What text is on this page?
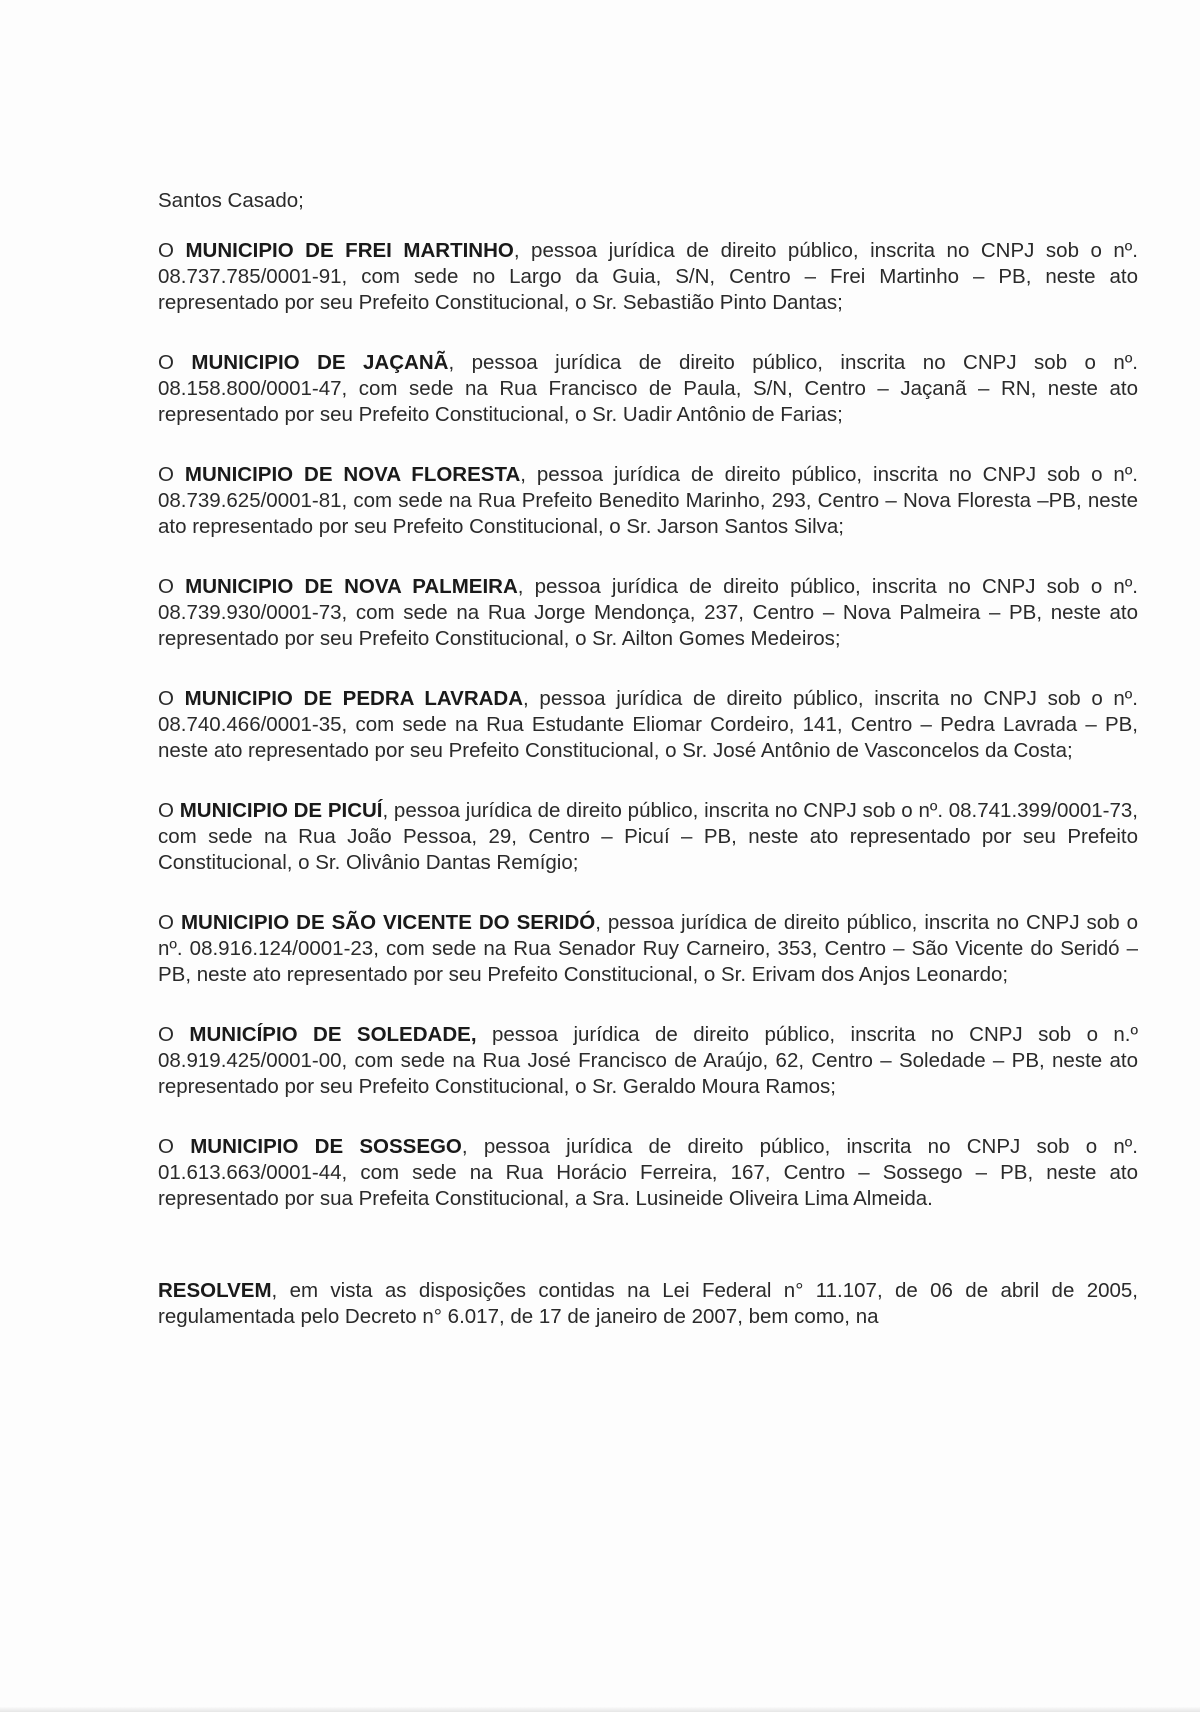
Santos Casado;

O MUNICIPIO DE FREI MARTINHO, pessoa jurídica de direito público, inscrita no CNPJ sob o nº. 08.737.785/0001-91, com sede no Largo da Guia, S/N, Centro – Frei Martinho – PB, neste ato representado por seu Prefeito Constitucional, o Sr. Sebastião Pinto Dantas;

O MUNICIPIO DE JAÇANÃ, pessoa jurídica de direito público, inscrita no CNPJ sob o nº. 08.158.800/0001-47, com sede na Rua Francisco de Paula, S/N, Centro – Jaçanã – RN, neste ato representado por seu Prefeito Constitucional, o Sr. Uadir Antônio de Farias;

O MUNICIPIO DE NOVA FLORESTA, pessoa jurídica de direito público, inscrita no CNPJ sob o nº. 08.739.625/0001-81, com sede na Rua Prefeito Benedito Marinho, 293, Centro – Nova Floresta –PB, neste ato representado por seu Prefeito Constitucional, o Sr. Jarson Santos Silva;

O MUNICIPIO DE NOVA PALMEIRA, pessoa jurídica de direito público, inscrita no CNPJ sob o nº. 08.739.930/0001-73, com sede na Rua Jorge Mendonça, 237, Centro – Nova Palmeira – PB, neste ato representado por seu Prefeito Constitucional, o Sr. Ailton Gomes Medeiros;

O MUNICIPIO DE PEDRA LAVRADA, pessoa jurídica de direito público, inscrita no CNPJ sob o nº. 08.740.466/0001-35, com sede na Rua Estudante Eliomar Cordeiro, 141, Centro – Pedra Lavrada – PB, neste ato representado por seu Prefeito Constitucional, o Sr. José Antônio de Vasconcelos da Costa;

O MUNICIPIO DE PICUÍ, pessoa jurídica de direito público, inscrita no CNPJ sob o nº. 08.741.399/0001-73, com sede na Rua João Pessoa, 29, Centro – Picuí – PB, neste ato representado por seu Prefeito Constitucional, o Sr. Olivânio Dantas Remígio;

O MUNICIPIO DE SÃO VICENTE DO SERIDÓ, pessoa jurídica de direito público, inscrita no CNPJ sob o nº. 08.916.124/0001-23, com sede na Rua Senador Ruy Carneiro, 353, Centro – São Vicente do Seridó – PB, neste ato representado por seu Prefeito Constitucional, o Sr. Erivam dos Anjos Leonardo;

O MUNICÍPIO DE SOLEDADE, pessoa jurídica de direito público, inscrita no CNPJ sob o n.º 08.919.425/0001-00, com sede na Rua José Francisco de Araújo, 62, Centro – Soledade – PB, neste ato representado por seu Prefeito Constitucional, o Sr. Geraldo Moura Ramos;

O MUNICIPIO DE SOSSEGO, pessoa jurídica de direito público, inscrita no CNPJ sob o nº. 01.613.663/0001-44, com sede na Rua Horácio Ferreira, 167, Centro – Sossego – PB, neste ato representado por sua Prefeita Constitucional, a Sra. Lusineide Oliveira Lima Almeida.

RESOLVEM, em vista as disposições contidas na Lei Federal n° 11.107, de 06 de abril de 2005, regulamentada pelo Decreto n° 6.017, de 17 de janeiro de 2007, bem como, na
